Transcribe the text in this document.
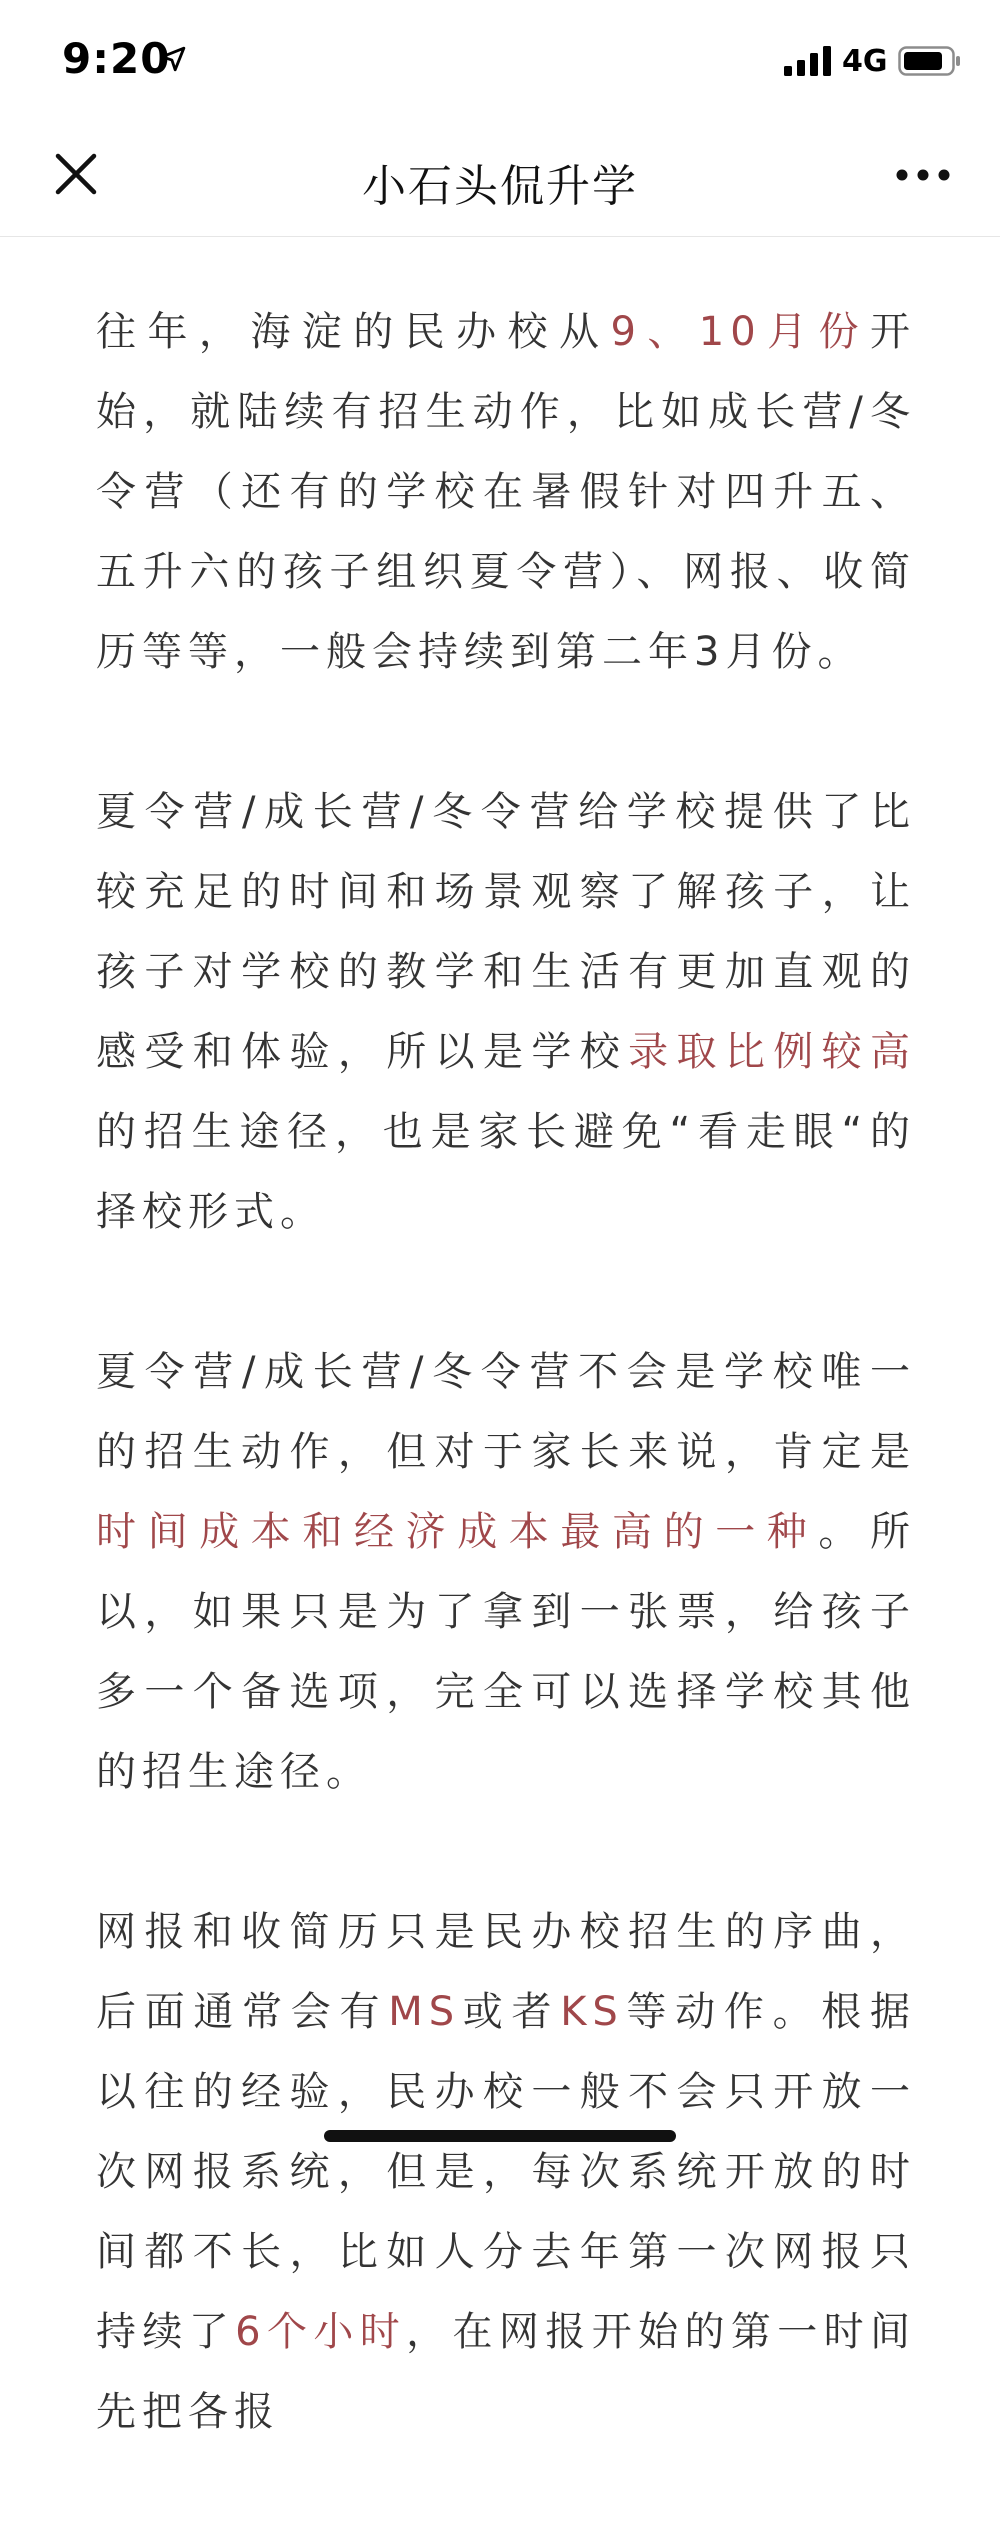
9:20	4G
小石头侃升学

往年，海淀的民办校从9、10月份开始，就陆续有招生动作，比如成长营/冬令营（还有的学校在暑假针对四升五、五升六的孩子组织夏令营）、网报、收简历等等，一般会持续到第二年3月份。

夏令营/成长营/冬令营给学校提供了比较充足的时间和场景观察了解孩子，让孩子对学校的教学和生活有更加直观的感受和体验，所以是学校录取比例较高的招生途径，也是家长避免“看走眼“的择校形式。

夏令营/成长营/冬令营不会是学校唯一的招生动作，但对于家长来说，肯定是时间成本和经济成本最高的一种。所以，如果只是为了拿到一张票，给孩子多一个备选项，完全可以选择学校其他的招生途径。

网报和收简历只是民办校招生的序曲，后面通常会有MS或者KS等动作。根据以往的经验，民办校一般不会只开放一次网报系统，但是，每次系统开放的时间都不长，比如人分去年第一次网报只持续了6个小时，在网报开始的第一时间先把各报
